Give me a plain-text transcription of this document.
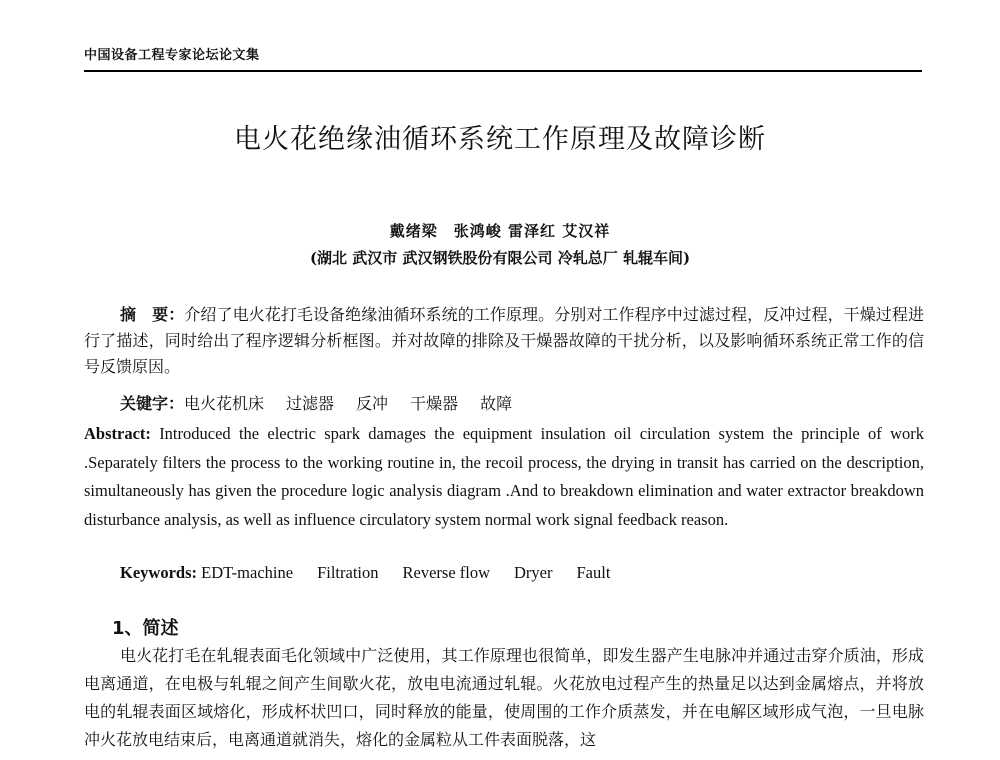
中国设备工程专家论坛论文集
电火花绝缘油循环系统工作原理及故障诊断
戴绪梁　张鸿峻 雷泽红 艾汉祥
(湖北 武汉市 武汉钢铁股份有限公司 冷轧总厂 轧辊车间)
摘　要：介绍了电火花打毛设备绝缘油循环系统的工作原理。分别对工作程序中过滤过程，反冲过程，干燥过程进行了描述，同时给出了程序逻辑分析框图。并对故障的排除及干燥器故障的干扰分析，以及影响循环系统正常工作的信号反馈原因。
关键字：电火花机床 过滤器 反冲 干燥器 故障
Abstract: Introduced the electric spark damages the equipment insulation oil circulation system the principle of work .Separately filters the process to the working routine in, the recoil process, the drying in transit has carried on the description, simultaneously has given the procedure logic analysis diagram .And to breakdown elimination and water extractor breakdown disturbance analysis, as well as influence circulatory system normal work signal feedback reason.
Keywords: EDT-machine Filtration Reverse flow Dryer Fault
1、简述
电火花打毛在轧辊表面毛化领域中广泛使用，其工作原理也很简单，即发生器产生电脉冲并通过击穿介质油，形成电离通道，在电极与轧辊之间产生间歇火花，放电电流通过轧辊。火花放电过程产生的热量足以达到金属熔点，并将放电的轧辊表面区域熔化，形成杯状凹口，同时释放的能量，使周围的工作介质蒸发，并在电解区域形成气泡，一旦电脉冲火花放电结束后，电离通道就消失，熔化的金属粒从工件表面脱落，这
